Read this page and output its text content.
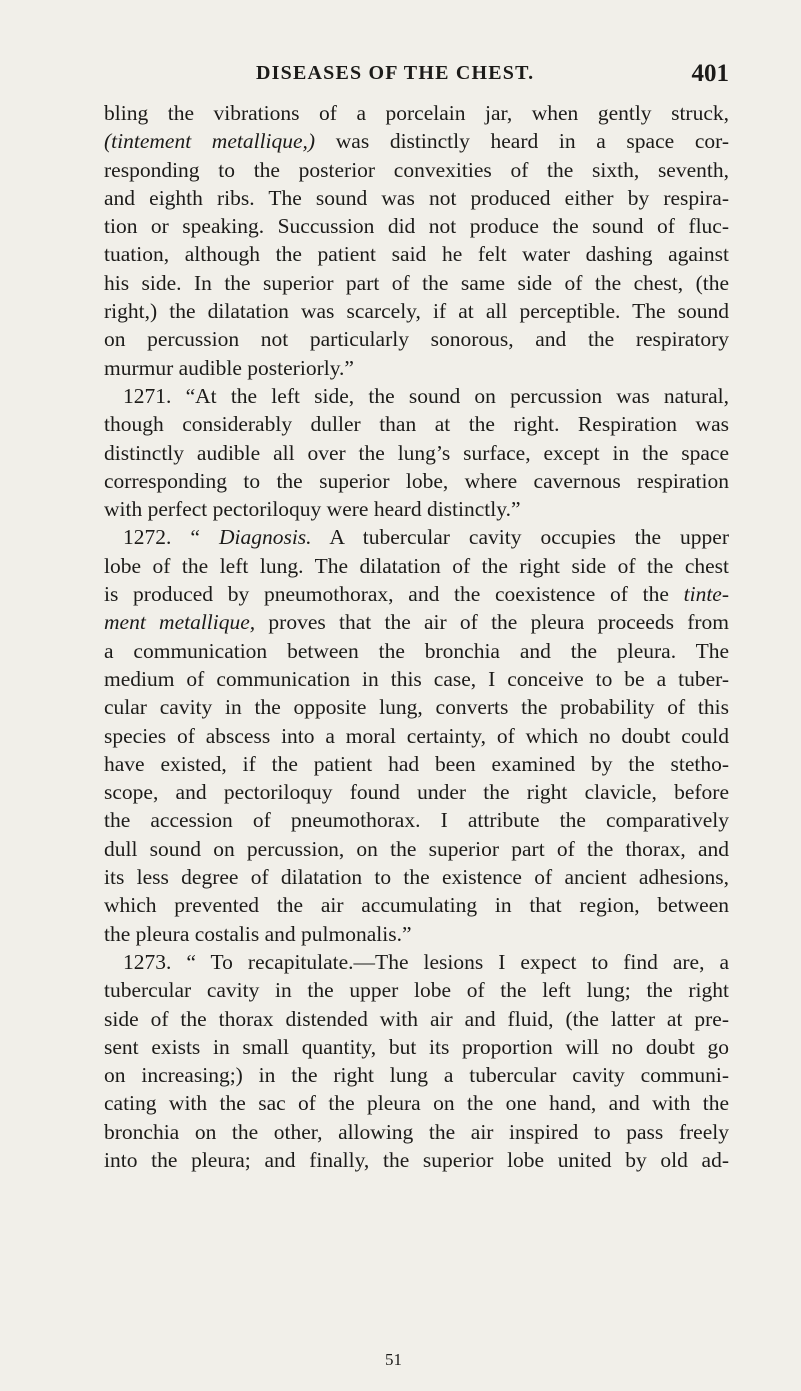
DISEASES OF THE CHEST.	401
bling the vibrations of a porcelain jar, when gently struck,
(tintement metallique,) was distinctly heard in a space cor-
responding to the posterior convexities of the sixth, seventh,
and eighth ribs. The sound was not produced either by respira-
tion or speaking. Succussion did not produce the sound of fluc-
tuation, although the patient said he felt water dashing against
his side. In the superior part of the same side of the chest, (the
right,) the dilatation was scarcely, if at all perceptible. The sound
on percussion not particularly sonorous, and the respiratory
murmur audible posteriorly.”
1271. “At the left side, the sound on percussion was natural,
though considerably duller than at the right. Respiration was
distinctly audible all over the lung’s surface, except in the space
corresponding to the superior lobe, where cavernous respiration
with perfect pectoriloquy were heard distinctly.”
1272. “ Diagnosis. A tubercular cavity occupies the upper
lobe of the left lung. The dilatation of the right side of the chest
is produced by pneumothorax, and the coexistence of the tinte-
ment metallique, proves that the air of the pleura proceeds from
a communication between the bronchia and the pleura. The
medium of communication in this case, I conceive to be a tuber-
cular cavity in the opposite lung, converts the probability of this
species of abscess into a moral certainty, of which no doubt could
have existed, if the patient had been examined by the stetho-
scope, and pectoriloquy found under the right clavicle, before
the accession of pneumothorax. I attribute the comparatively
dull sound on percussion, on the superior part of the thorax, and
its less degree of dilatation to the existence of ancient adhesions,
which prevented the air accumulating in that region, between
the pleura costalis and pulmonalis.”
1273. “ To recapitulate.—The lesions I expect to find are, a
tubercular cavity in the upper lobe of the left lung; the right
side of the thorax distended with air and fluid, (the latter at pre-
sent exists in small quantity, but its proportion will no doubt go
on increasing;) in the right lung a tubercular cavity communi-
cating with the sac of the pleura on the one hand, and with the
bronchia on the other, allowing the air inspired to pass freely
into the pleura; and finally, the superior lobe united by old ad-
51
